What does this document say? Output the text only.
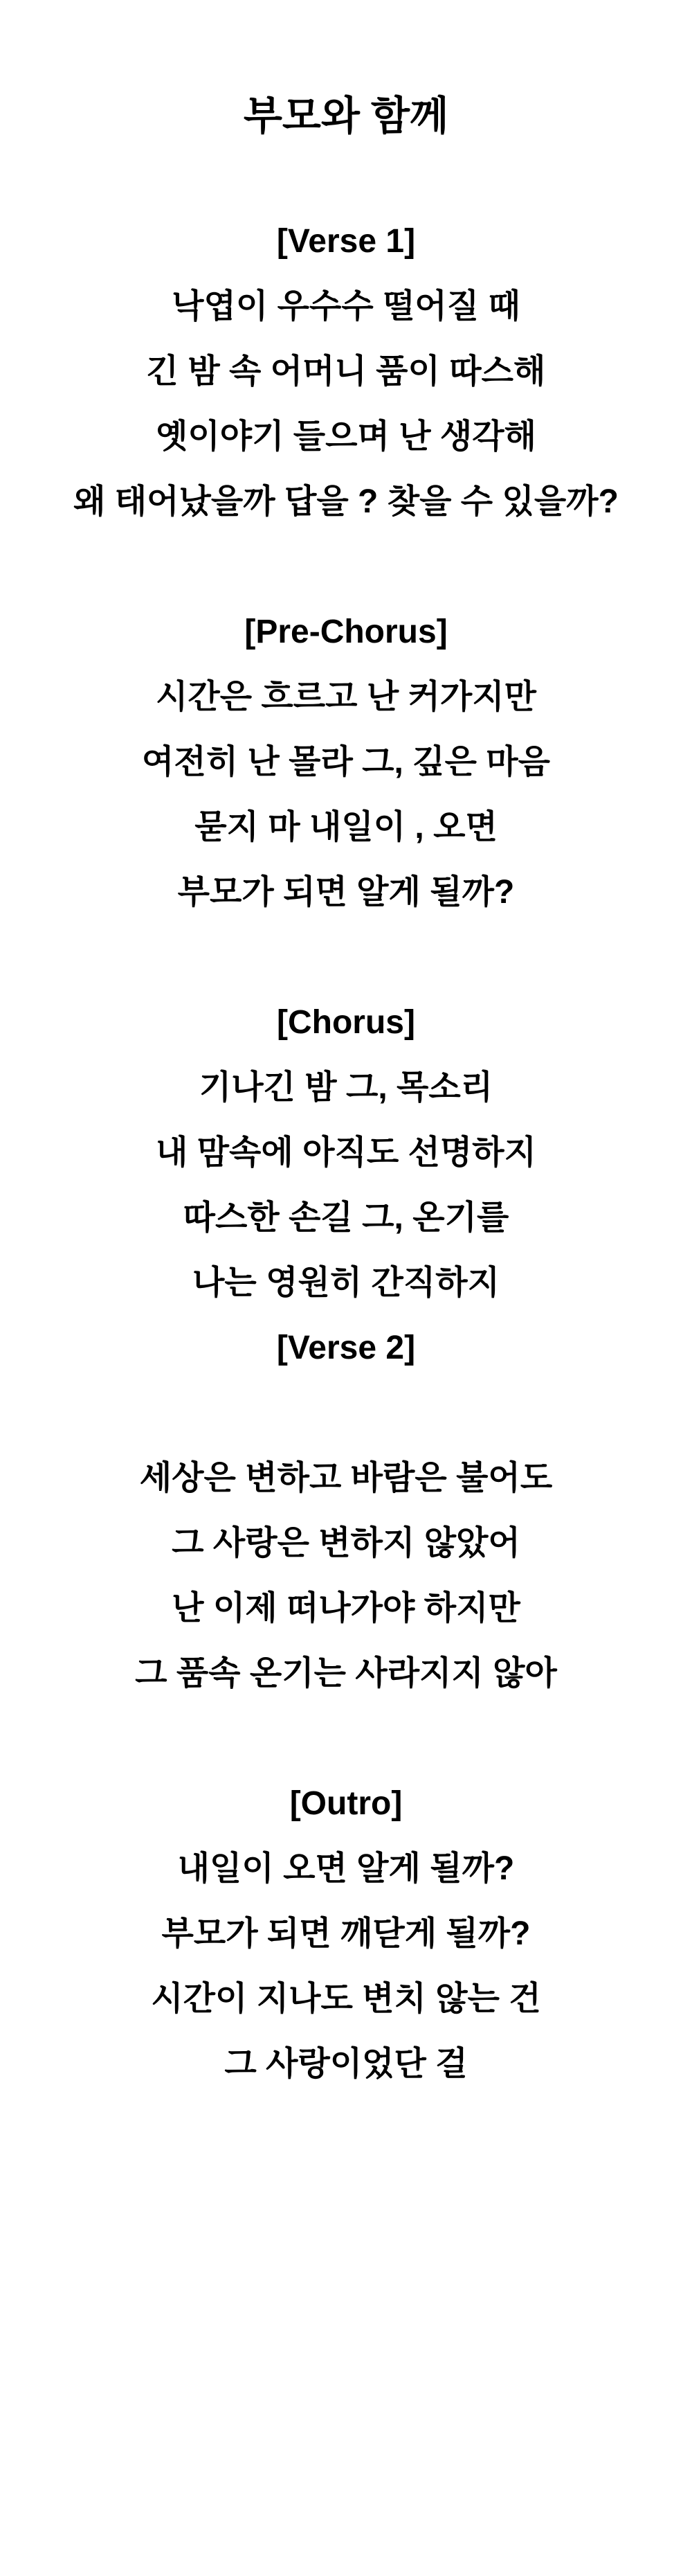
부모와 함께

[Verse 1]
낙엽이 우수수 떨어질 때
긴 밤 속 어머니 품이 따스해
옛이야기 들으며 난 생각해
왜 태어났을까 답을 ? 찾을 수 있을까?

[Pre-Chorus]
시간은 흐르고 난 커가지만
여전히 난 몰라 그, 깊은 마음
묻지 마 내일이 , 오면
부모가 되면 알게 될까?

[Chorus]
기나긴 밤 그, 목소리
내 맘속에 아직도 선명하지
따스한 손길 그, 온기를
나는 영원히 간직하지
[Verse 2]

세상은 변하고 바람은 불어도
그 사랑은 변하지 않았어
난 이제 떠나가야 하지만
그 품속 온기는 사라지지 않아

[Outro]
내일이 오면 알게 될까?
부모가 되면 깨닫게 될까?
시간이 지나도 변치 않는 건
그 사랑이었단 걸
